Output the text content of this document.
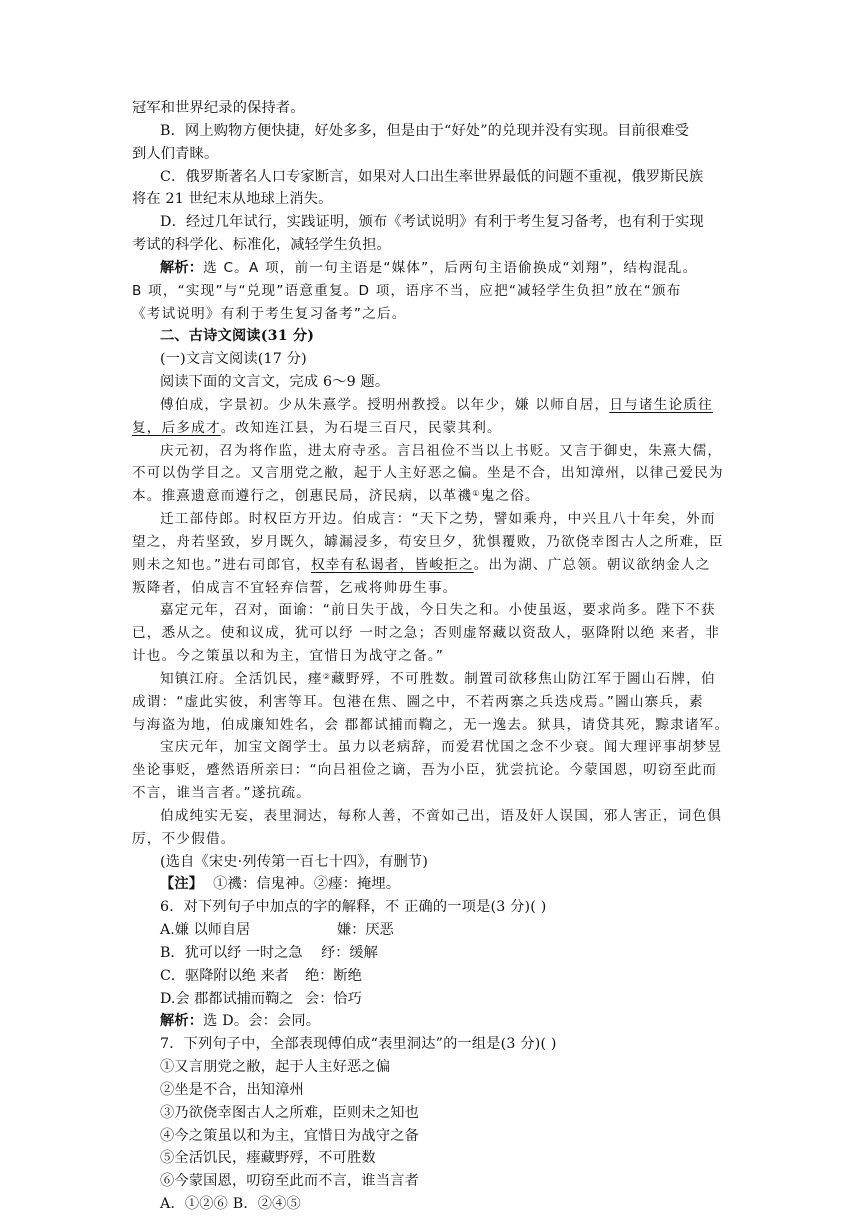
冠军和世界纪录的保持者。
B．网上购物方便快捷，好处多多，但是由于“好处”的兑现并没有实现。目前很难受
到人们青睐。
C．俄罗斯著名人口专家断言，如果对人口出生率世界最低的问题不重视，俄罗斯民族
将在 21 世纪末从地球上消失。
D．经过几年试行，实践证明，颁布《考试说明》有利于考生复习备考，也有利于实现
考试的科学化、标准化，减轻学生负担。
解析：选 C。A 项，前一句主语是“媒体”，后两句主语偷换成“刘翔”，结构混乱。
B 项，“实现”与“兑现”语意重复。D 项，语序不当，应把“减轻学生负担”放在“颁布
《考试说明》有利于考生复习备考”之后。
二、古诗文阅读(31 分)
(一)文言文阅读(17 分)
阅读下面的文言文，完成 6～9 题。
傅伯成，字景初。少从朱熹学。授明州教授。以年少，嫌 以师自居，日与诸生论质往
复，后多成才。改知连江县，为石堤三百尺，民蒙其利。
庆元初，召为将作监，进太府寺丞。言吕祖俭不当以上书贬。又言于御史，朱熹大儒，
不可以伪学目之。又言朋党之敝，起于人主好恶之偏。坐是不合，出知漳州，以律己爱民为
本。推熹遗意而遵行之，创惠民局，济民病，以革禨①鬼之俗。
迁工部侍郎。时权臣方开边。伯成言：“天下之势，譬如乘舟，中兴且八十年矣，外而
望之，舟若坚致，岁月既久，罅漏浸多，苟安旦夕，犹惧覆败，乃欲侥幸图古人之所难，臣
则未之知也。”进右司郎官，权幸有私谒者，皆峻拒之。出为湖、广总领。朝议欲纳金人之
叛降者，伯成言不宜轻弃信誓，乞戒将帅毋生事。
嘉定元年，召对，面谕：“前日失于战，今日失之和。小使虽返，要求尚多。陛下不获
已，悉从之。使和议成，犹可以纾 一时之急；否则虚帑藏以资敌人，驱降附以绝 来者，非
计也。今之策虽以和为主，宜惜日为战守之备。”
知镇江府。全活饥民，瘗②藏野殍，不可胜数。制置司欲移焦山防江军于圌山石牌，伯
成谓：“虚此实彼，利害等耳。包港在焦、圌之中，不若两寨之兵迭戍焉。”圌山寨兵，素
与海盗为地，伯成廉知姓名，会 郡都试捕而鞫之，无一逸去。狱具，请贷其死，黥隶诸军。
宝庆元年，加宝文阁学士。虽力以老病辞，而爱君忧国之念不少衰。闻大理评事胡梦昱
坐论事贬，蹙然语所亲曰：“向吕祖俭之谪，吾为小臣，犹尝抗论。今蒙国恩，叨窃至此而
不言，谁当言者。”遂抗疏。
伯成纯实无妄，表里洞达，每称人善，不啻如己出，语及奸人误国，邪人害正，词色俱
厉，不少假借。
(选自《宋史·列传第一百七十四》，有删节)
【注】 ①禨：信鬼神。②瘗：掩埋。
6．对下列句子中加点的字的解释，不 正确的一项是(3 分)( )
A.嫌 以师自居	嫌：厌恶
B．犹可以纾 一时之急 纾：缓解
C．驱降附以绝 来者 绝：断绝
D.会 郡都试捕而鞫之 会：恰巧
解析：选 D。会：会同。
7．下列句子中，全部表现傅伯成“表里洞达”的一组是(3 分)( )
①又言朋党之敝，起于人主好恶之偏
②坐是不合，出知漳州
③乃欲侥幸图古人之所难，臣则未之知也
④今之策虽以和为主，宜惜日为战守之备
⑤全活饥民，瘗藏野殍，不可胜数
⑥今蒙国恩，叨窃至此而不言，谁当言者
A．①②⑥ B．②④⑤
